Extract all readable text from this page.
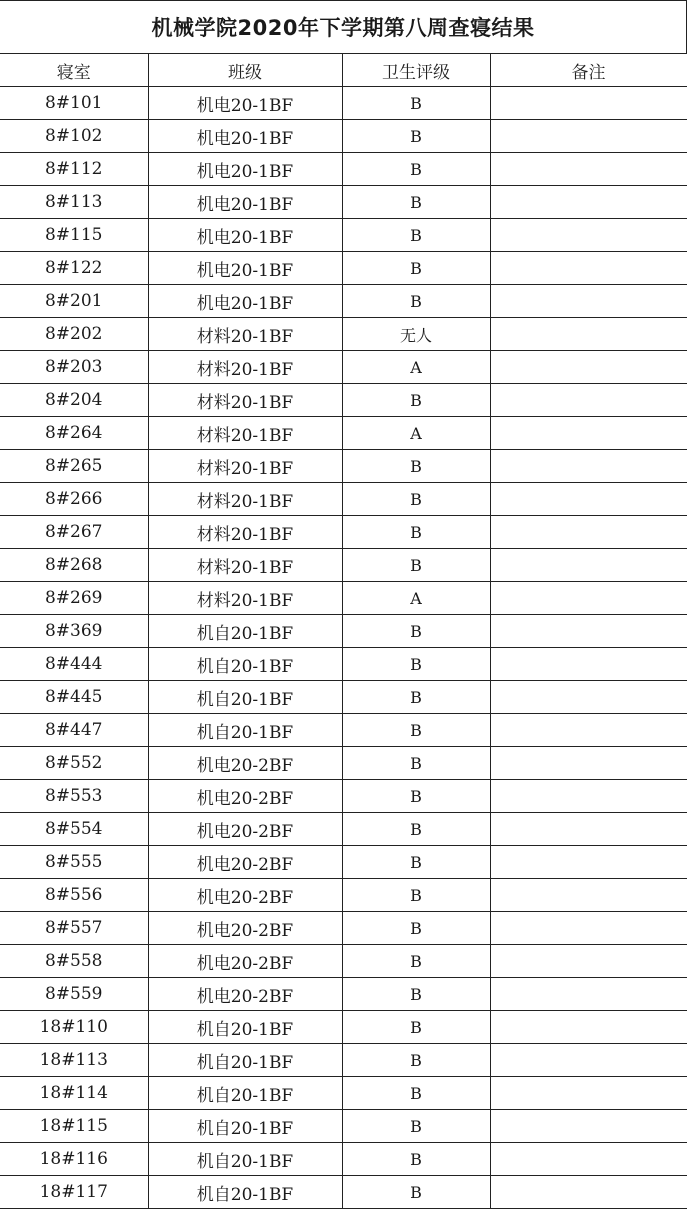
机械学院2020年下学期第八周查寝结果
寝室	班级	卫生评级	备注
8#101	机电20-1BF	B	
8#102	机电20-1BF	B	
8#112	机电20-1BF	B	
8#113	机电20-1BF	B	
8#115	机电20-1BF	B	
8#122	机电20-1BF	B	
8#201	机电20-1BF	B	
8#202	材料20-1BF	无人	
8#203	材料20-1BF	A	
8#204	材料20-1BF	B	
8#264	材料20-1BF	A	
8#265	材料20-1BF	B	
8#266	材料20-1BF	B	
8#267	材料20-1BF	B	
8#268	材料20-1BF	B	
8#269	材料20-1BF	A	
8#369	机自20-1BF	B	
8#444	机自20-1BF	B	
8#445	机自20-1BF	B	
8#447	机自20-1BF	B	
8#552	机电20-2BF	B	
8#553	机电20-2BF	B	
8#554	机电20-2BF	B	
8#555	机电20-2BF	B	
8#556	机电20-2BF	B	
8#557	机电20-2BF	B	
8#558	机电20-2BF	B	
8#559	机电20-2BF	B	
18#110	机自20-1BF	B	
18#113	机自20-1BF	B	
18#114	机自20-1BF	B	
18#115	机自20-1BF	B	
18#116	机自20-1BF	B	
18#117	机自20-1BF	B	
